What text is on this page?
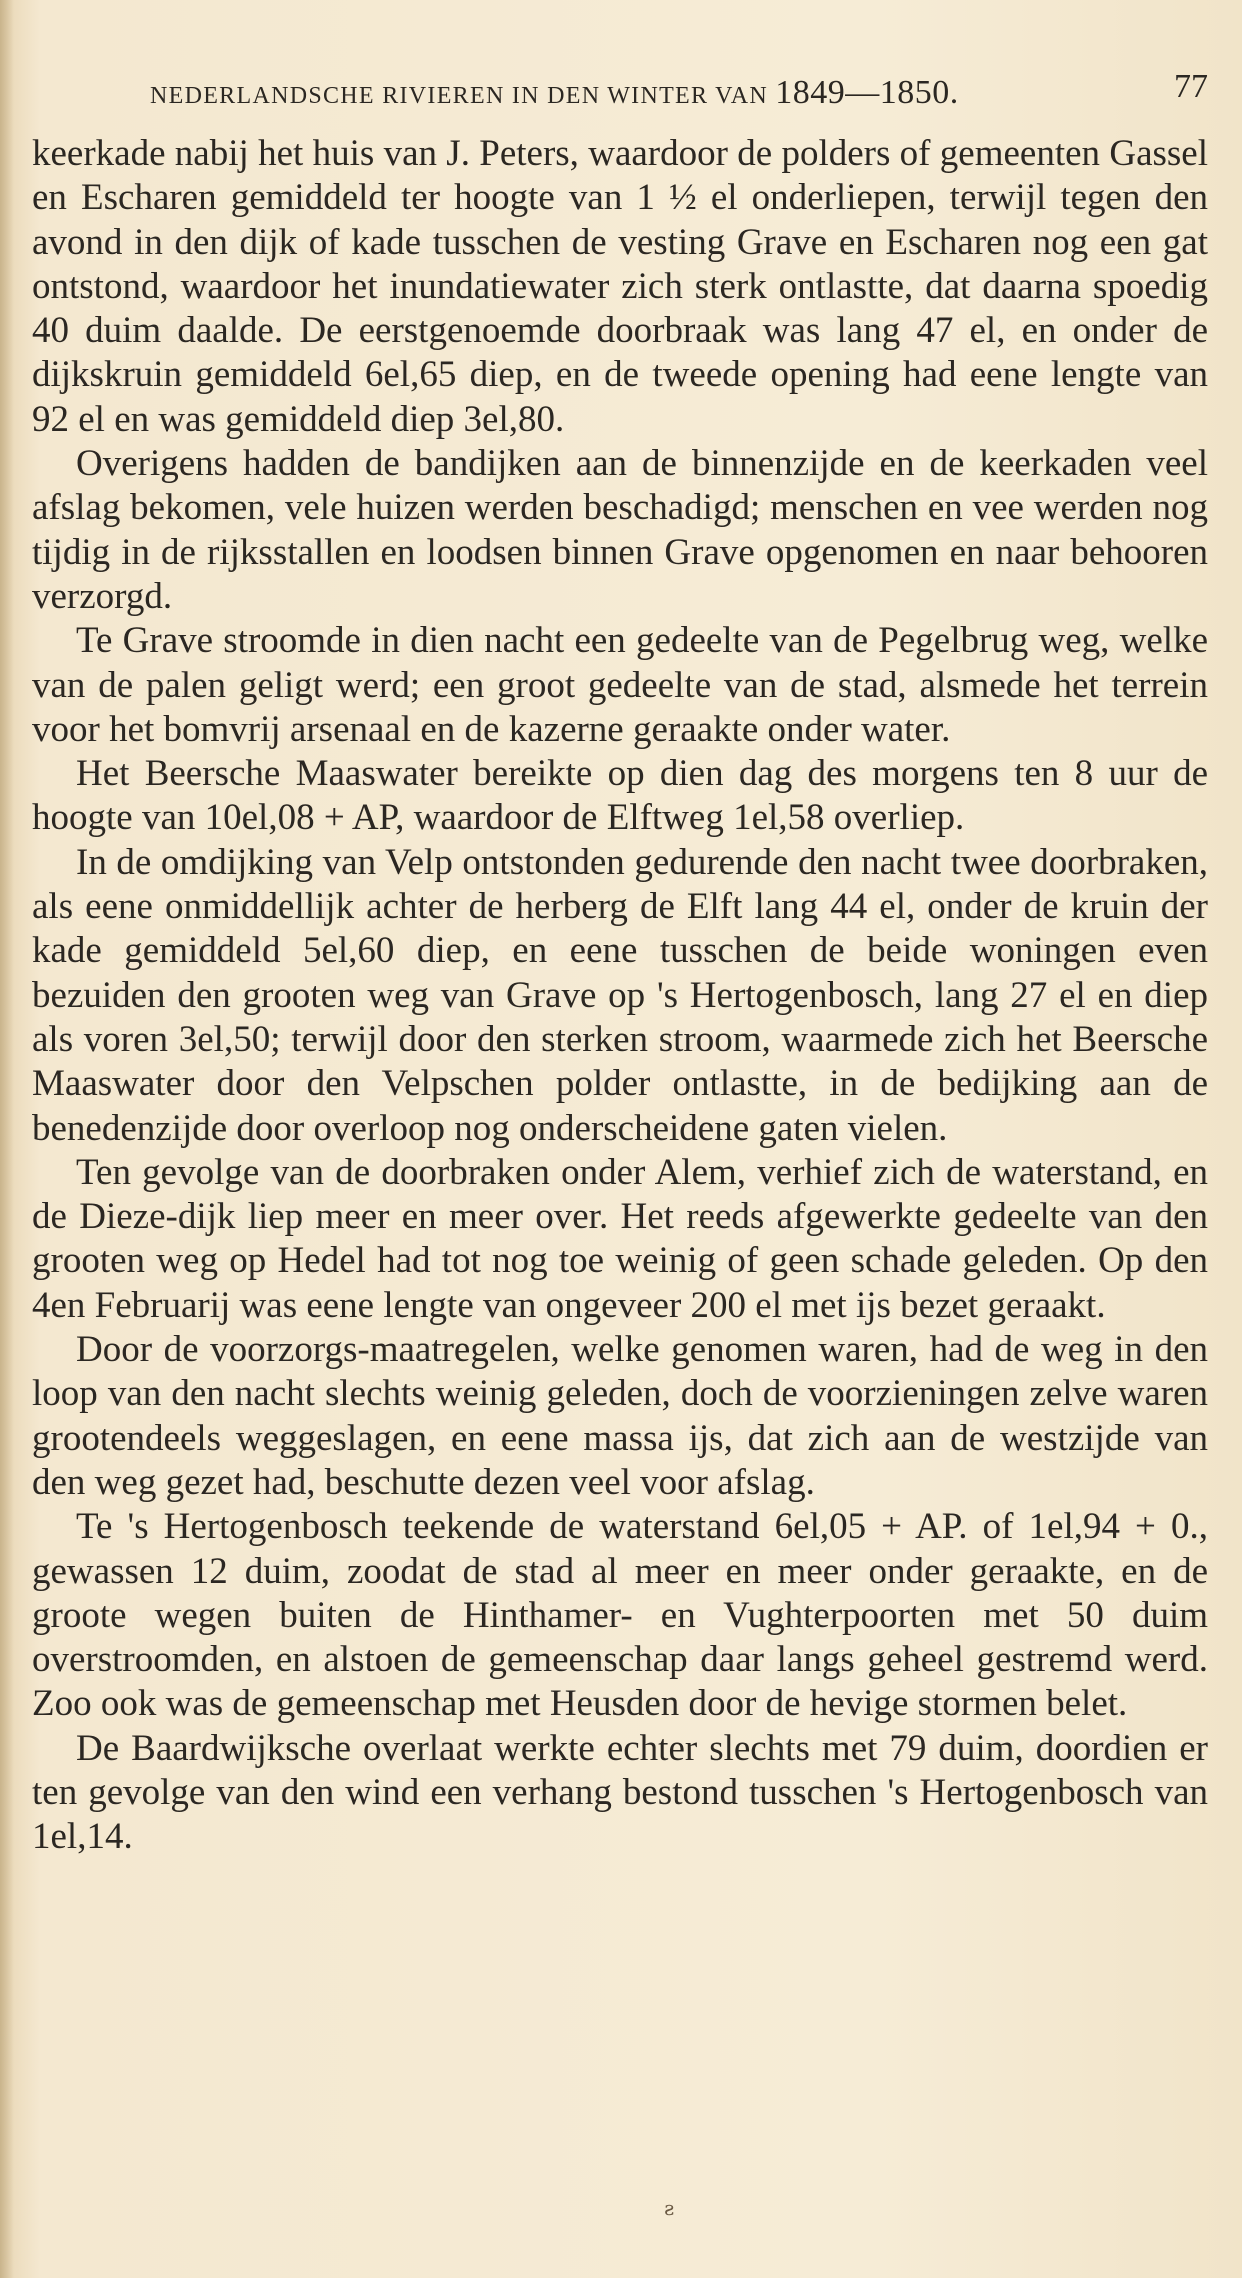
NEDERLANDSCHE RIVIEREN IN DEN WINTER VAN 1849—1850.	77

keerkade nabij het huis van J. Peters, waardoor de polders of gemeenten Gassel en Escharen gemiddeld ter hoogte van 1 ½ el onderliepen, terwijl tegen den avond in den dijk of kade tusschen de vesting Grave en Escharen nog een gat ontstond, waardoor het inundatiewater zich sterk ontlastte, dat daarna spoedig 40 duim daalde. De eerstgenoemde doorbraak was lang 47 el, en onder de dijkskruin gemiddeld 6el,65 diep, en de tweede opening had eene lengte van 92 el en was gemiddeld diep 3el,80.

Overigens hadden de bandijken aan de binnenzijde en de keerkaden veel afslag bekomen, vele huizen werden beschadigd; menschen en vee werden nog tijdig in de rijksstallen en loodsen binnen Grave opgenomen en naar behooren verzorgd.

Te Grave stroomde in dien nacht een gedeelte van de Pegelbrug weg, welke van de palen geligt werd; een groot gedeelte van de stad, alsmede het terrein voor het bomvrij arsenaal en de kazerne geraakte onder water.

Het Beersche Maaswater bereikte op dien dag des morgens ten 8 uur de hoogte van 10el,08 + AP, waardoor de Elftweg 1el,58 overliep.

In de omdijking van Velp ontstonden gedurende den nacht twee doorbraken, als eene onmiddellijk achter de herberg de Elft lang 44 el, onder de kruin der kade gemiddeld 5el,60 diep, en eene tusschen de beide woningen even bezuiden den grooten weg van Grave op 's Hertogenbosch, lang 27 el en diep als voren 3el,50; terwijl door den sterken stroom, waarmede zich het Beersche Maaswater door den Velpschen polder ontlastte, in de bedijking aan de benedenzijde door overloop nog onderscheidene gaten vielen.

Ten gevolge van de doorbraken onder Alem, verhief zich de waterstand, en de Dieze-dijk liep meer en meer over. Het reeds afgewerkte gedeelte van den grooten weg op Hedel had tot nog toe weinig of geen schade geleden. Op den 4en Februarij was eene lengte van ongeveer 200 el met ijs bezet geraakt.

Door de voorzorgs-maatregelen, welke genomen waren, had de weg in den loop van den nacht slechts weinig geleden, doch de voorzieningen zelve waren grootendeels weggeslagen, en eene massa ijs, dat zich aan de westzijde van den weg gezet had, beschutte dezen veel voor afslag.

Te 's Hertogenbosch teekende de waterstand 6el,05 + AP. of 1el,94 + 0., gewassen 12 duim, zoodat de stad al meer en meer onder geraakte, en de groote wegen buiten de Hinthamer- en Vughterpoorten met 50 duim overstroomden, en alstoen de gemeenschap daar langs geheel gestremd werd. Zoo ook was de gemeenschap met Heusden door de hevige stormen belet.

De Baardwijksche overlaat werkte echter slechts met 79 duim, doordien er ten gevolge van den wind een verhang bestond tusschen 's Hertogenbosch van 1el,14.

ƨ
